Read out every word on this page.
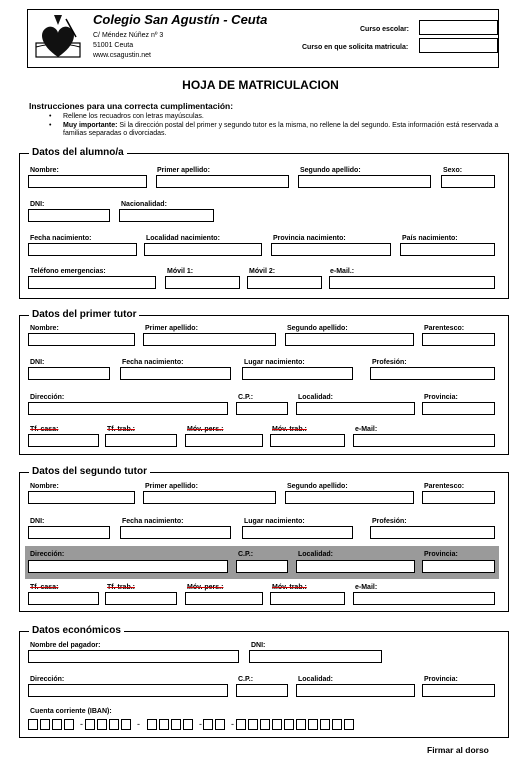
Colegio San Agustín - Ceuta
C/ Méndez Núñez nº 3
51001 Ceuta
www.csagustin.net
Curso escolar:
Curso en que solicita matricula:
HOJA DE MATRICULACION
Instrucciones para una correcta cumplimentación:
• Rellene los recuadros con letras mayúsculas.
• Muy importante: Si la dirección postal del primer y segundo tutor es la misma, no rellene la del segundo. Esta información está reservada a familias separadas o divorciadas.
Datos del alumno/a
Nombre:	Primer apellido:	Segundo apellido:	Sexo:
DNI:	Nacionalidad:
Fecha nacimiento:	Localidad nacimiento:	Provincia nacimiento:	País nacimiento:
Teléfono emergencias:	Móvil 1:	Móvil 2:	e-Mail.:
Datos del primer tutor
Nombre:	Primer apellido:	Segundo apellido:	Parentesco:
DNI:	Fecha nacimiento:	Lugar nacimiento:	Profesión:
Dirección:	C.P.:	Localidad:	Provincia:
Tf. casa:	Tf. trab.:	Móv. pers.:	Móv. trab.:	e-Mail:
Datos del segundo tutor
Nombre:	Primer apellido:	Segundo apellido:	Parentesco:
DNI:	Fecha nacimiento:	Lugar nacimiento:	Profesión:
Dirección:	C.P.:	Localidad:	Provincia:
Tf. casa:	Tf. trab.:	Móv. pers.:	Móv. trab.:	e-Mail:
Datos económicos
Nombre del pagador:	DNI:
Dirección:	C.P.:	Localidad:	Provincia:
Cuenta corriente (IBAN):
-	-	-	-
Firmar al dorso
